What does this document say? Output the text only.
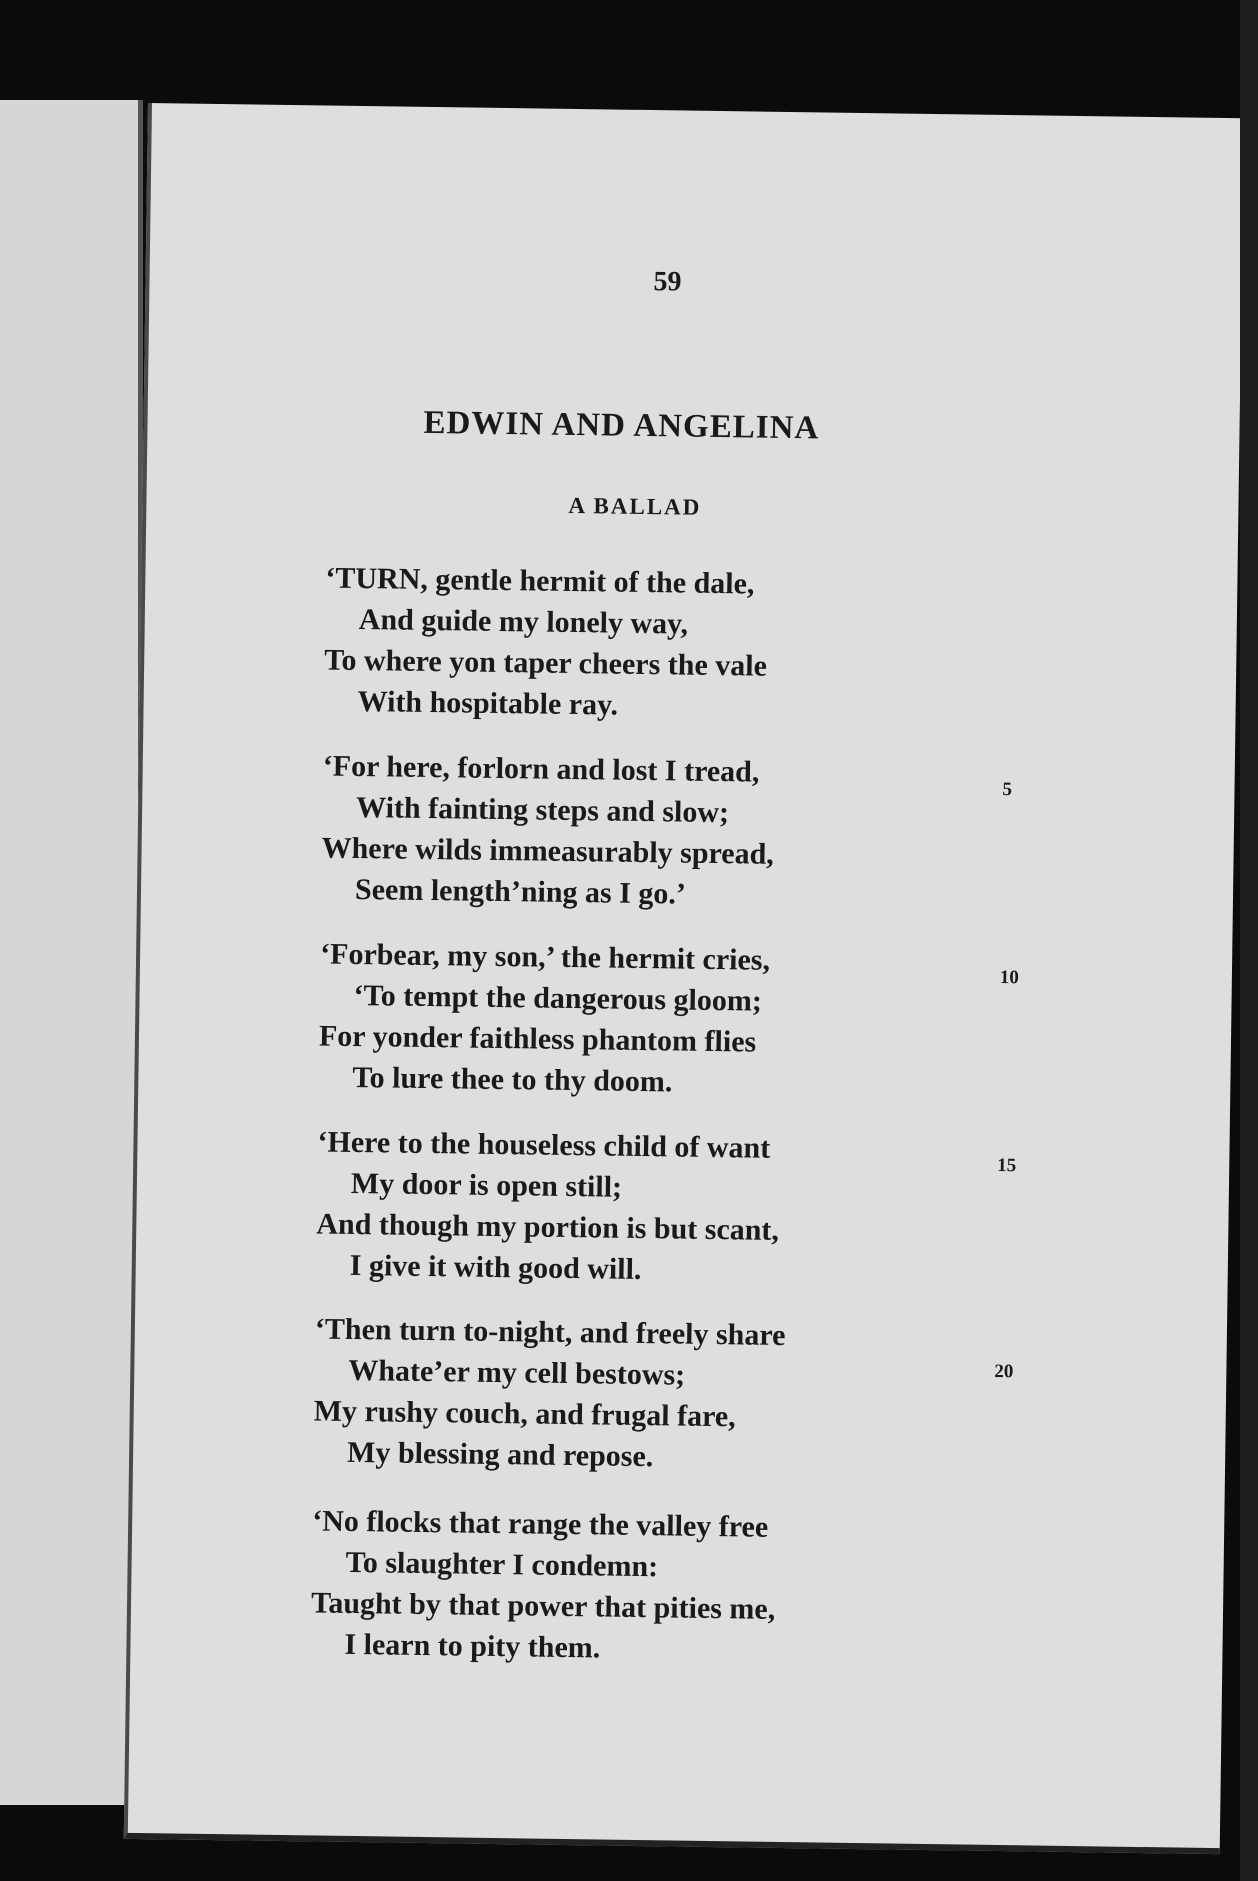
59
EDWIN AND ANGELINA
A BALLAD
‘TURN, gentle hermit of the dale,
And guide my lonely way,
To where yon taper cheers the vale
With hospitable ray.
‘For here, forlorn and lost I tread,
With fainting steps and slow;
Where wilds immeasurably spread,
Seem length’ning as I go.’
‘Forbear, my son,’ the hermit cries,
‘To tempt the dangerous gloom;
For yonder faithless phantom flies
To lure thee to thy doom.
‘Here to the houseless child of want
My door is open still;
And though my portion is but scant,
I give it with good will.
‘Then turn to-night, and freely share
Whate’er my cell bestows;
My rushy couch, and frugal fare,
My blessing and repose.
‘No flocks that range the valley free
To slaughter I condemn:
Taught by that power that pities me,
I learn to pity them.
5
10
15
20
